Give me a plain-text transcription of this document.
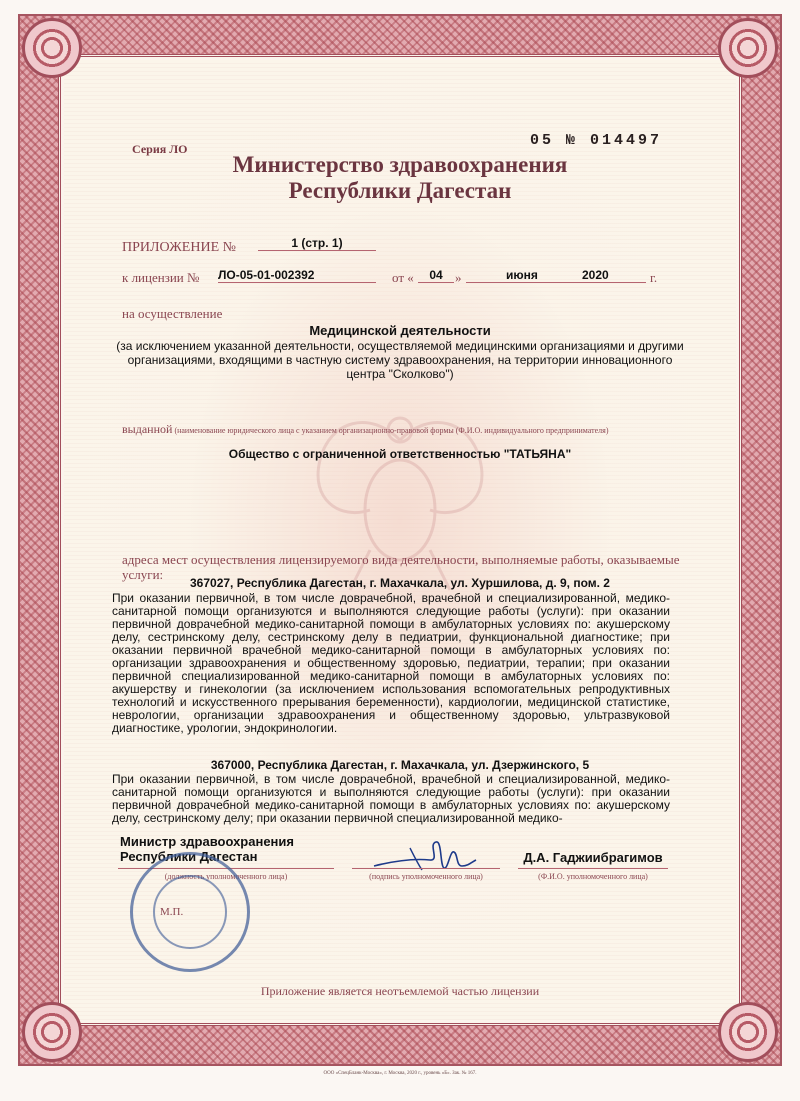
Серия ЛО	05 № 014497
Министерство здравоохранения
Республики Дагестан
ПРИЛОЖЕНИЕ №	1 (стр. 1)
к лицензии № ЛО-05-01-002392	от «	04 »	июня	2020
	г.
на осуществление
Медицинской деятельности
(за исключением указанной деятельности, осуществляемой медицинскими организациями и другими организациями, входящими в частную систему здравоохранения, на территории инновационного центра "Сколково")
выданной (наименование юридического лица с указанием организационно-правовой формы (Ф.И.О. индивидуального предпринимателя)
Общество с ограниченной ответственностью "ТАТЬЯНА"
адреса мест осуществления лицензируемого вида деятельности, выполняемые работы, оказываемые услуги:
367027, Республика Дагестан, г. Махачкала, ул. Хуршилова, д. 9, пом. 2
При оказании первичной, в том числе доврачебной, врачебной и специализированной, медико-санитарной помощи организуются и выполняются следующие работы (услуги): при оказании первичной доврачебной медико-санитарной помощи в амбулаторных условиях по: акушерскому делу, сестринскому делу, сестринскому делу в педиатрии, функциональной диагностике; при оказании первичной врачебной медико-санитарной помощи в амбулаторных условиях по: организации здравоохранения и общественному здоровью, педиатрии, терапии; при оказании первичной специализированной медико-санитарной помощи в амбулаторных условиях по: акушерству и гинекологии (за исключением использования вспомогательных репродуктивных технологий и искусственного прерывания беременности), кардиологии, медицинской статистике, неврологии, организации здравоохранения и общественному здоровью, ультразвуковой диагностике, урологии, эндокринологии.
367000, Республика Дагестан, г. Махачкала, ул. Дзержинского, 5
При оказании первичной, в том числе доврачебной, врачебной и специализированной, медико-санитарной помощи организуются и выполняются следующие работы (услуги): при оказании первичной доврачебной медико-санитарной помощи в амбулаторных условиях по: акушерскому делу, сестринскому делу; при оказании первичной специализированной медико-
Министр здравоохранения
Республики Дагестан
(должность уполномоченного лица)	(подпись уполномоченного лица)
Д.А. Гаджиибрагимов
(Ф.И.О. уполномоченного лица)
М.П.
Приложение является неотъемлемой частью лицензии
ООО «СпецБланк-Москва», г. Москва, 2020 г., уровень «Б». Зак. № 167.
